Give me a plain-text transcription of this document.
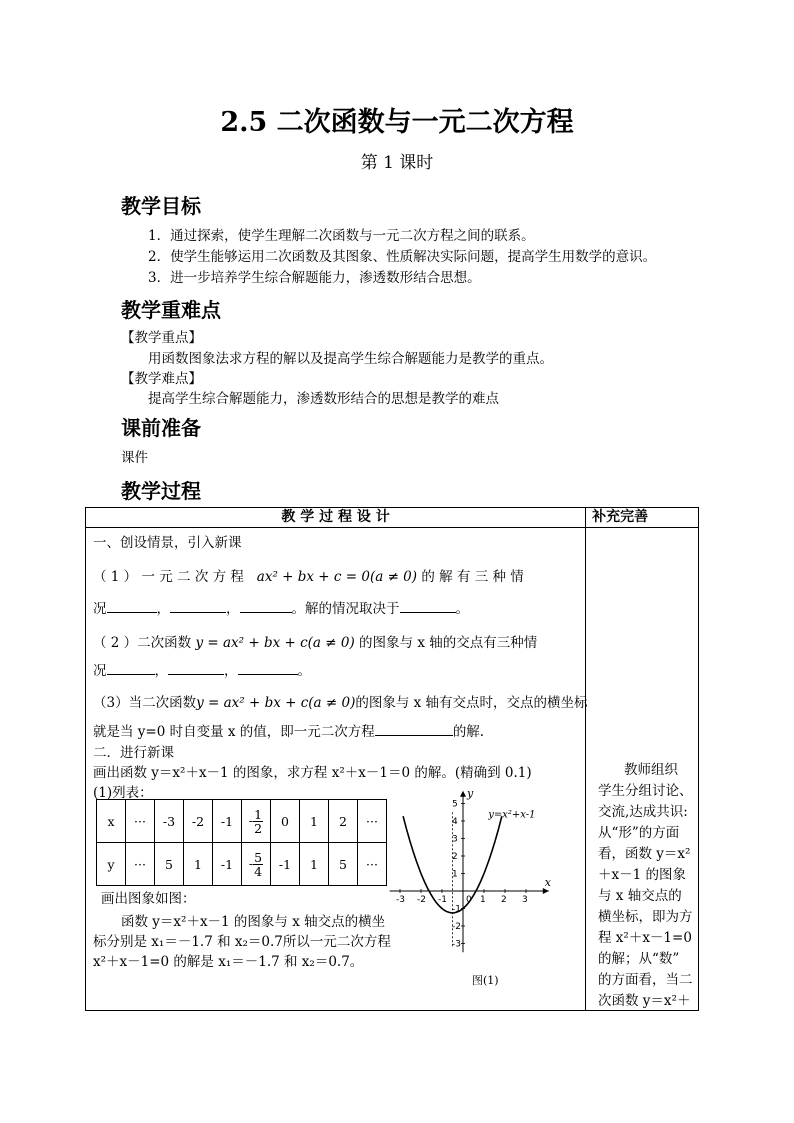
2.5 二次函数与一元二次方程
第 1 课时
教学目标
1．通过探索，使学生理解二次函数与一元二次方程之间的联系。
2．使学生能够运用二次函数及其图象、性质解决实际问题，提高学生用数学的意识。
3．进一步培养学生综合解题能力，渗透数形结合思想。
教学重难点
【教学重点】
用函数图象法求方程的解以及提高学生综合解题能力是教学的重点。
【教学难点】
提高学生综合解题能力，渗透数形结合的思想是教学的难点
课前准备
课件
教学过程
教 学 过 程 设 计	补充完善

一、创设情景，引入新课
（ 1 ） 一 元 二 次 方 程 ax² + bx + c = 0(a ≠ 0) 的 解 有 三 种 情
况	，	，	。解的情况取决于	。
（ 2 ）二次函数 y = ax² + bx + c(a ≠ 0) 的图象与 x 轴的交点有三种情
况	，	，	。
（3）当二次函数y = ax² + bx + c(a ≠ 0)的图象与 x 轴有交点时，交点的横坐标
就是当 y=0 时自变量 x 的值，即一元二次方程	的解.
二．进行新课
画出函数 y＝x²＋x－1 的图象，求方程 x²＋x－1＝0 的解。(精确到 0.1)
(1)列表：
x	···	-3	-2	-1	- $\frac{1}{2}$	0	1	2	···
y	···	5	1	-1	- $\frac{5}{4}$	-1	1	5	···
画出图象如图：
函数 y＝x²＋x－1 的图象与 x 轴交点的横坐
标分别是 x₁＝－1.7 和 x₂＝0.7所以一元二次方程
x²＋x－1=0 的解是 x₁＝－1.7 和 x₂＝0.7。
x
y
0
-3 -2 -1	1 2 3
5
4
3
2
1
-1
-2
-3
y=x²+x-1
图(1)
教师组织
学生分组讨论、
交流,达成共识:
从“形”的方面
看，函数 y＝x²
＋x－1 的图象
与 x 轴交点的
横坐标，即为方
程 x²＋x－1=0
的解；从“数”
的方面看，当二
次函数 y＝x²＋
